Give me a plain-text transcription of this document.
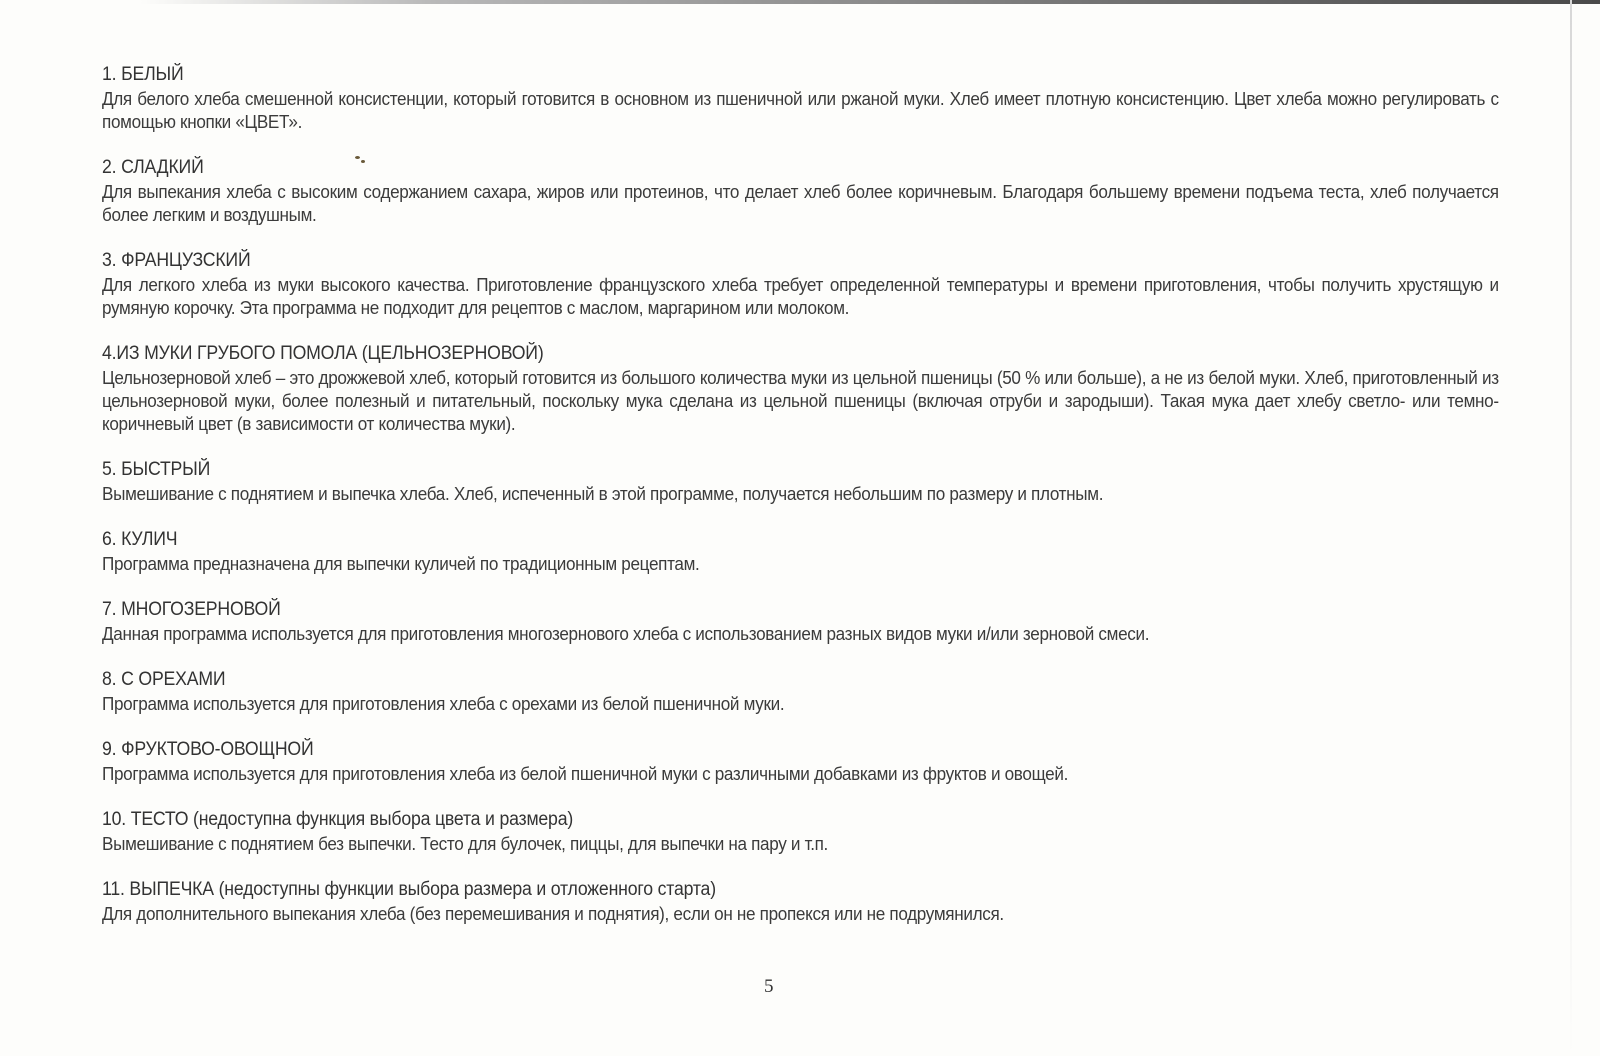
1. БЕЛЫЙ
Для белого хлеба смешенной консистенции, который готовится в основном из пшеничной или ржаной муки. Хлеб имеет плотную консистенцию. Цвет хлеба можно регулировать с помощью кнопки «ЦВЕТ».
2. СЛАДКИЙ
Для выпекания хлеба с высоким содержанием сахара, жиров или протеинов, что делает хлеб более коричневым. Благодаря большему времени подъема теста, хлеб получается более легким и воздушным.
3. ФРАНЦУЗСКИЙ
Для легкого хлеба из муки высокого качества. Приготовление французского хлеба требует определенной температуры и времени приготовления, чтобы получить хрустящую и румяную корочку. Эта программа не подходит для рецептов с маслом, маргарином или молоком.
4.ИЗ МУКИ ГРУБОГО ПОМОЛА (ЦЕЛЬНОЗЕРНОВОЙ)
Цельнозерновой хлеб – это дрожжевой хлеб, который готовится из большого количества муки из цельной пшеницы (50 % или больше), а не из белой муки. Хлеб, приготовленный из цельнозерновой муки, более полезный и питательный, поскольку мука сделана из цельной пшеницы (включая отруби и зародыши). Такая мука дает хлебу светло- или темно-коричневый цвет (в зависимости от количества муки).
5. БЫСТРЫЙ
Вымешивание с поднятием и выпечка хлеба. Хлеб, испеченный в этой программе, получается небольшим по размеру и плотным.
6. КУЛИЧ
Программа предназначена для выпечки куличей по традиционным рецептам.
7. МНОГОЗЕРНОВОЙ
Данная программа используется для приготовления многозернового хлеба с использованием разных видов муки и/или зерновой смеси.
8. С ОРЕХАМИ
Программа используется для приготовления хлеба с орехами из белой пшеничной муки.
9. ФРУКТОВО-ОВОЩНОЙ
Программа используется для приготовления хлеба из белой пшеничной муки с различными добавками из фруктов и овощей.
10. ТЕСТО (недоступна функция выбора цвета и размера)
Вымешивание с поднятием без выпечки. Тесто для булочек, пиццы, для выпечки на пару и т.п.
11. ВЫПЕЧКА (недоступны функции выбора размера и отложенного старта)
Для дополнительного выпекания хлеба (без перемешивания и поднятия), если он не пропекся или не подрумянился.
5
